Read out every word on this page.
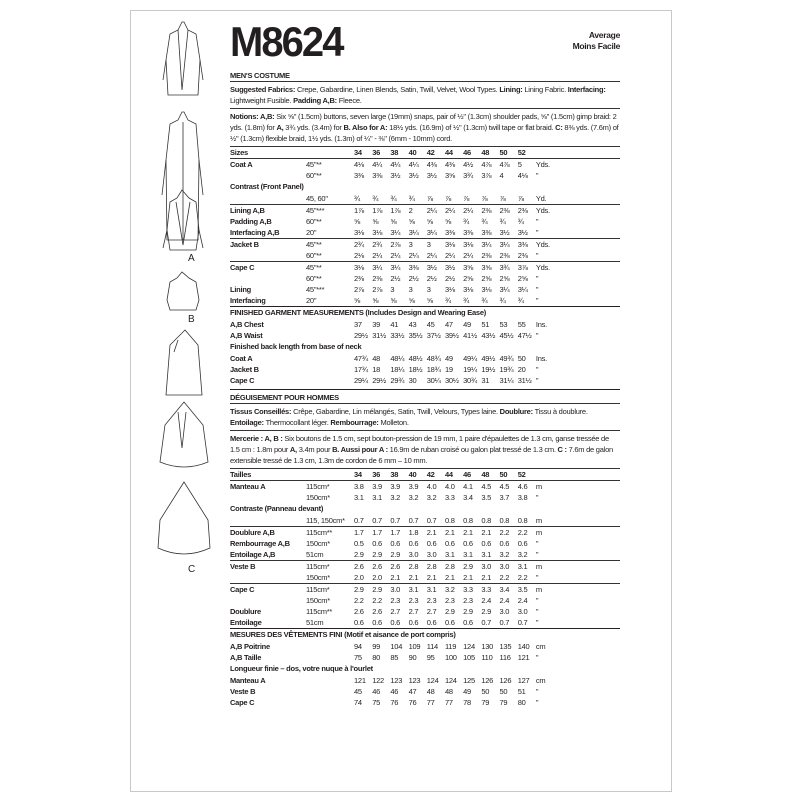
A
B
C
M8624	Average
Moins Facile
MEN'S COSTUME
Suggested Fabrics: Crepe, Gabardine, Linen Blends, Satin, Twill, Velvet, Wool Types. Lining: Lining Fabric. Interfacing: Lightweight Fusible. Padding A,B: Fleece.
Notions: A,B: Six ⅝" (1.5cm) buttons, seven large (19mm) snaps, pair of ½" (1.3cm) shoulder pads, ⅝" (1.5cm) gimp braid: 2 yds. (1.8m) for A, 3¾ yds. (3.4m) for B. Also for A: 18½ yds. (16.9m) of ½" (1.3cm) twill tape or flat braid. C: 8⅜ yds. (7.6m) of ½" (1.3cm) flexible braid, 1½ yds. (1.3m) of ¼" - ⅜" (6mm - 10mm) cord.
Sizes	34	36	38	40	42	44	46	48	50	52
Coat A	45"**	4⅛	4¼	4¼	4¼	4⅜	4⅜	4½	4⅞	4⅞	5	Yds.
60"**	3⅜	3⅜	3½	3½	3½	3⅝	3¾	3⅞	4	4⅛	"
Contrast (Front Panel)
45, 60"	¾	¾	¾	¾	⅞	⅞	⅞	⅞	⅞	⅞	Yd.
Lining A,B	45"***	1⅞	1⅞	1⅞	2	2¼	2¼	2¼	2⅜	2⅜	2⅜	Yds.
Padding A,B	60"**	⅝	⅝	⅝	⅝	⅝	⅝	¾	¾	¾	¾	"
Interfacing A,B	20"	3⅛	3⅛	3¼	3¼	3¼	3⅜	3⅜	3⅜	3½	3½	"
Jacket B	45"**	2¾	2¾	2⅞	3	3	3⅛	3⅛	3¼	3¼	3⅜	Yds.
60"**	2⅛	2¼	2¼	2¼	2¼	2¼	2¼	2⅜	2⅜	2⅜	"
Cape C	45"**	3⅛	3¼	3¼	3⅜	3½	3½	3⅝	3⅝	3¾	3⅞	Yds.
60"**	2⅜	2⅜	2½	2½	2½	2½	2⅝	2⅝	2⅝	2⅝	"
Lining	45"***	2⅞	2⅞	3	3	3	3⅛	3⅛	3⅛	3¼	3¼	"
Interfacing	20"	⅝	⅝	⅝	⅝	⅝	¾	¾	¾	¾	¾	"
FINISHED GARMENT MEASUREMENTS (Includes Design and Wearing Ease)
A,B Chest	37	39	41	43	45	47	49	51	53	55	Ins.
A,B Waist	29½ 31½ 33½ 35½ 37½ 39½ 41½ 43½ 45½ 47½ "
Finished back length from base of neck
Coat A	47¾ 48	48¼ 48½ 48¾ 49	49¼ 49½ 49¾ 50	Ins.
Jacket B	17¾ 18	18¼ 18½ 18¾ 19	19¼ 19½ 19¾ 20	"
Cape C	29¼ 29½ 29¾ 30	30¼ 30½ 30¾ 31	31¼ 31½ "
DÉGUISEMENT POUR HOMMES
Tissus Conseillés: Crêpe, Gabardine, Lin mélangés, Satin, Twill, Velours, Types laine. Doublure: Tissu à doublure. Entoilage: Thermocollant léger. Rembourrage: Molleton.
Mercerie : A, B : Six boutons de 1.5 cm, sept bouton-pression de 19 mm, 1 paire d'épaulettes de 1.3 cm, ganse tressée de 1.5 cm : 1.8m pour A, 3.4m pour B. Aussi pour A : 16.9m de ruban croisé ou galon plat tressé de 1.3 cm. C : 7.6m de galon extensible tressé de 1.3 cm, 1.3m de cordon de 6 mm – 10 mm.
Tailles	34	36	38	40	42	44	46	48	50	52
Manteau A	115cm*	3.8	3.9	3.9	3.9	4.0	4.0	4.1	4.5	4.5	4.6	m
150cm*	3.1	3.1	3.2	3.2	3.2	3.3	3.4	3.5	3.7	3.8	"
Contraste (Panneau devant)
115, 150cm*	0.7	0.7	0.7	0.7	0.7	0.8	0.8	0.8	0.8	0.8	m
Doublure A,B	115cm**	1.7	1.7	1.7	1.8	2.1	2.1	2.1	2.1	2.2	2.2	m
Rembourrage A,B	150cm*	0.5	0.6	0.6	0.6	0.6	0.6	0.6	0.6	0.6	0.6	"
Entoilage A,B	51cm	2.9	2.9	2.9	3.0	3.0	3.1	3.1	3.1	3.2	3.2	"
Veste B	115cm*	2.6	2.6	2.6	2.8	2.8	2.8	2.9	3.0	3.0	3.1	m
150cm*	2.0	2.0	2.1	2.1	2.1	2.1	2.1	2.1	2.2	2.2	"
Cape C	115cm*	2.9	2.9	3.0	3.1	3.1	3.2	3.3	3.3	3.4	3.5	m
150cm*	2.2	2.2	2.3	2.3	2.3	2.3	2.3	2.4	2.4	2.4	"
Doublure	115cm**	2.6	2.6	2.7	2.7	2.7	2.9	2.9	2.9	3.0	3.0	"
Entoilage	51cm	0.6	0.6	0.6	0.6	0.6	0.6	0.6	0.7	0.7	0.7	"
MESURES DES VÊTEMENTS FINI (Motif et aisance de port compris)
A,B Poitrine	94	99	104 109 114 119 124 130 135 140 cm
A,B Taille	75	80	85	90	95	100 105 110 116 121 "
Longueur finie – dos, votre nuque à l'ourlet
Manteau A	121 122 123 123 124 124 125 126 126 127 cm
Veste B	45	46	46	47	48	48	49	50	50	51	"
Cape C	74	75	76	76	77	77	78	79	79	80	"
